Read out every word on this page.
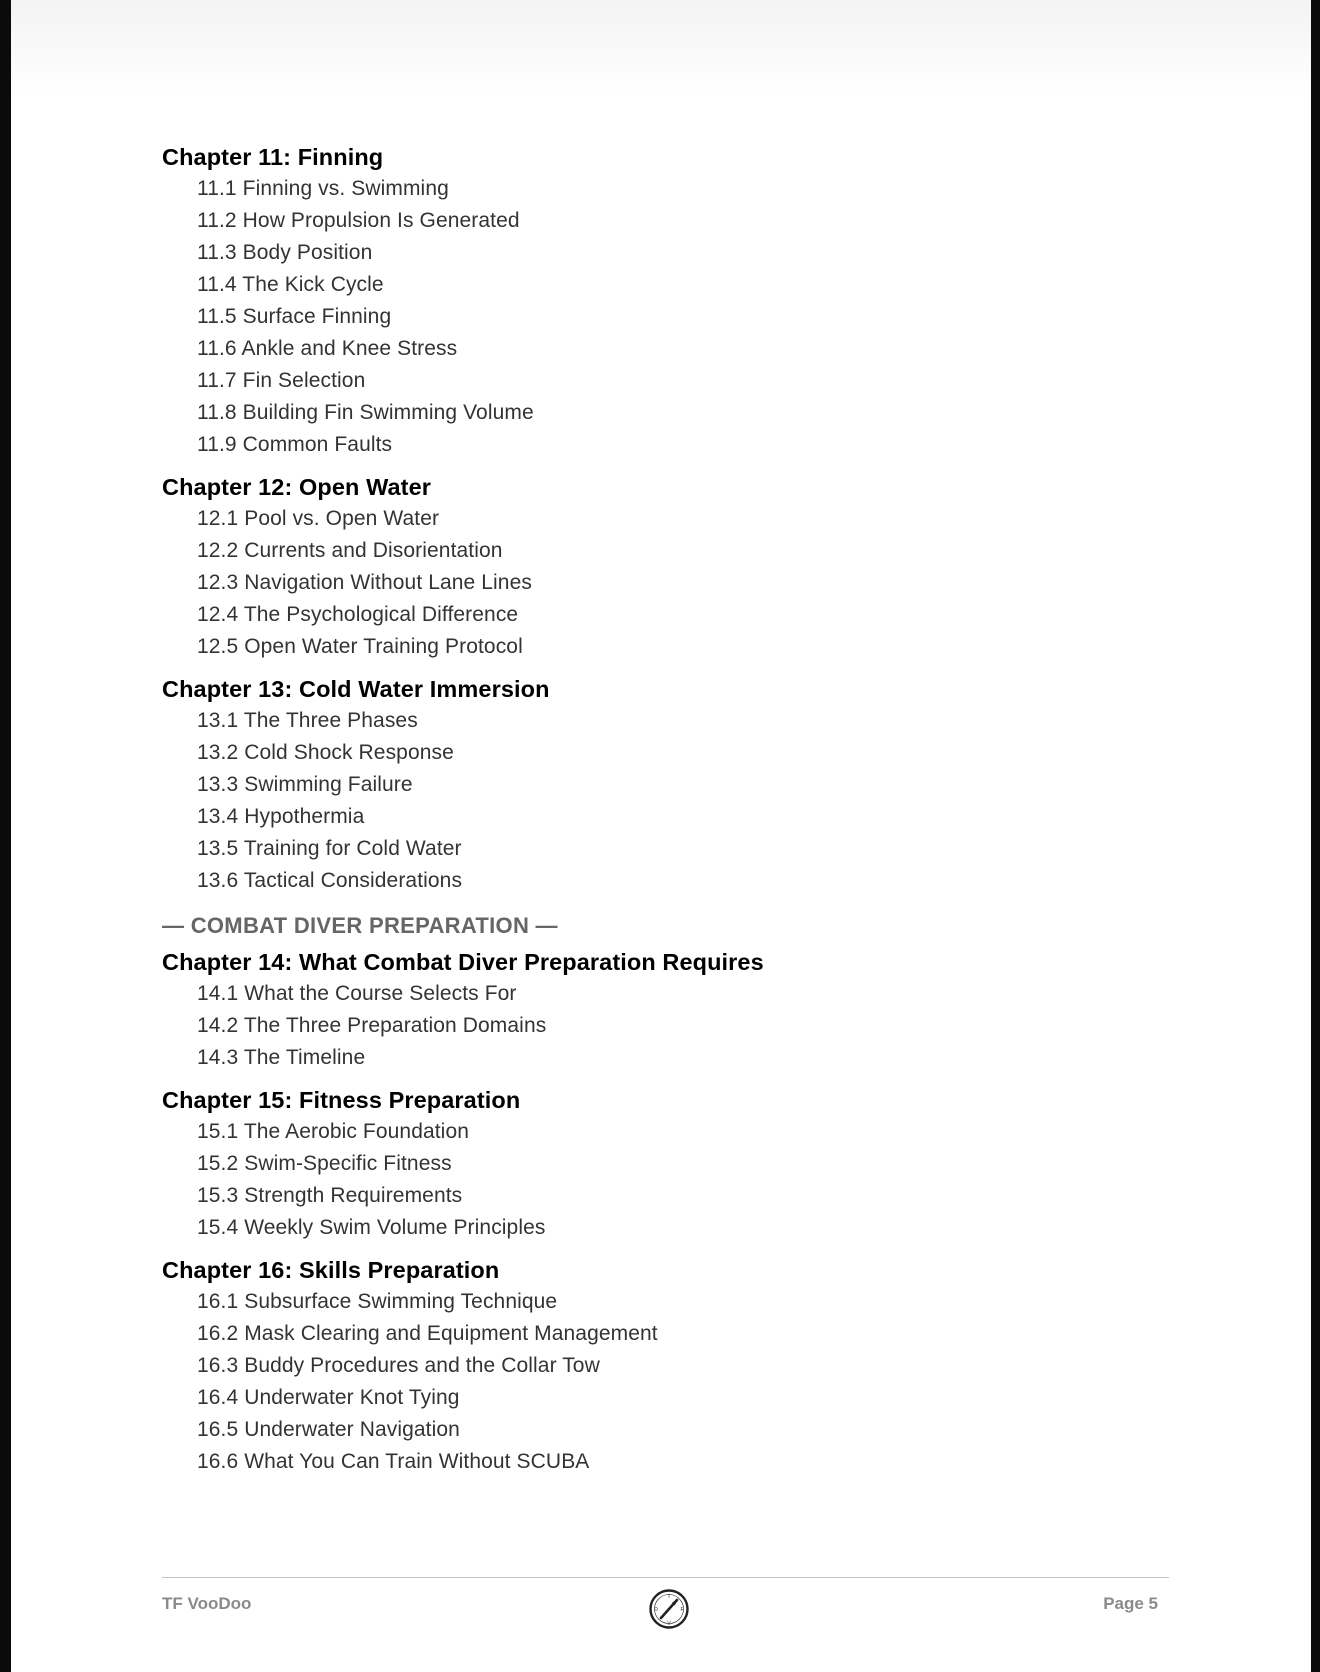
Chapter 11: Finning
11.1 Finning vs. Swimming
11.2 How Propulsion Is Generated
11.3 Body Position
11.4 The Kick Cycle
11.5 Surface Finning
11.6 Ankle and Knee Stress
11.7 Fin Selection
11.8 Building Fin Swimming Volume
11.9 Common Faults
Chapter 12: Open Water
12.1 Pool vs. Open Water
12.2 Currents and Disorientation
12.3 Navigation Without Lane Lines
12.4 The Psychological Difference
12.5 Open Water Training Protocol
Chapter 13: Cold Water Immersion
13.1 The Three Phases
13.2 Cold Shock Response
13.3 Swimming Failure
13.4 Hypothermia
13.5 Training for Cold Water
13.6 Tactical Considerations
— COMBAT DIVER PREPARATION —
Chapter 14: What Combat Diver Preparation Requires
14.1 What the Course Selects For
14.2 The Three Preparation Domains
14.3 The Timeline
Chapter 15: Fitness Preparation
15.1 The Aerobic Foundation
15.2 Swim-Specific Fitness
15.3 Strength Requirements
15.4 Weekly Swim Volume Principles
Chapter 16: Skills Preparation
16.1 Subsurface Swimming Technique
16.2 Mask Clearing and Equipment Management
16.3 Buddy Procedures and the Collar Tow
16.4 Underwater Knot Tying
16.5 Underwater Navigation
16.6 What You Can Train Without SCUBA
TF VooDoo	T
F
V
D	Page 5
